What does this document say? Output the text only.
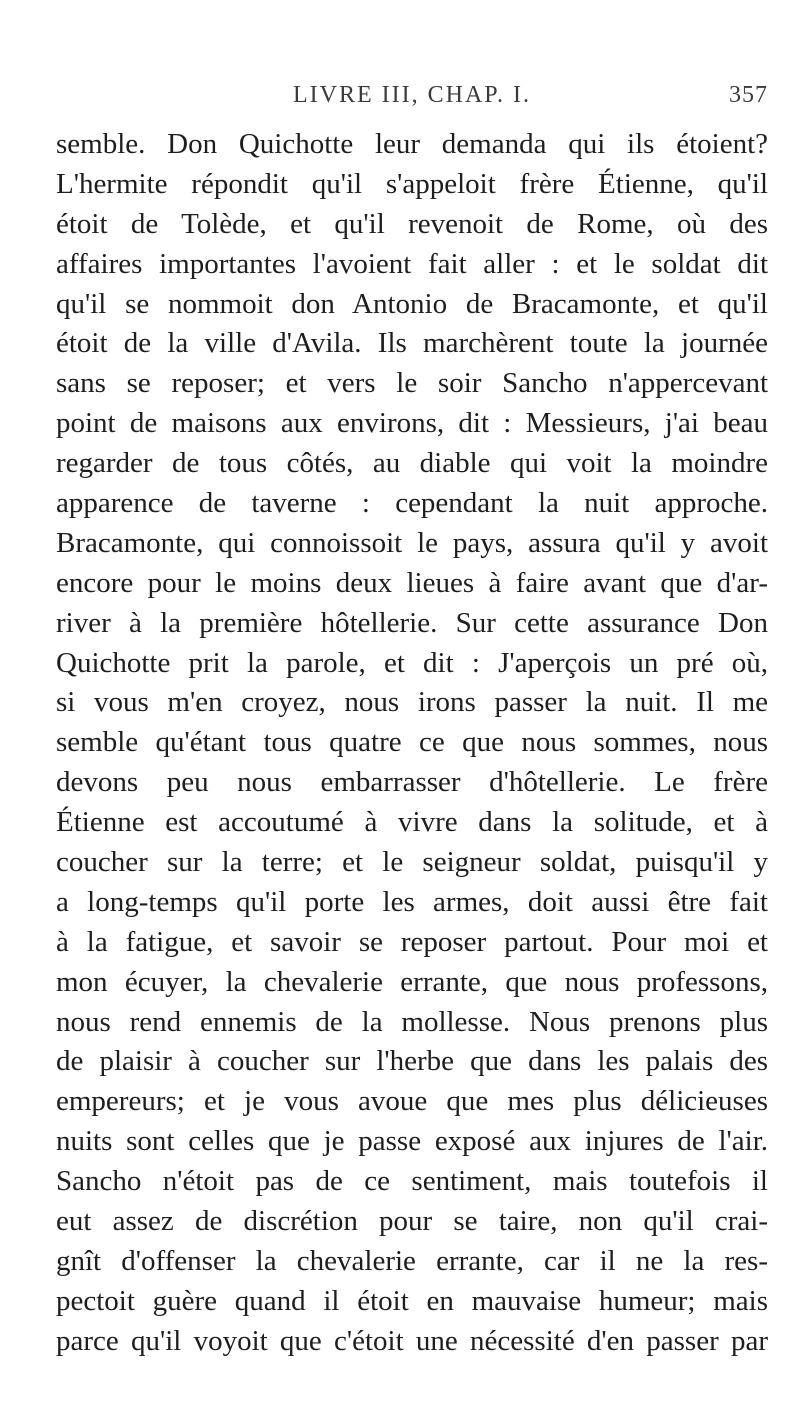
LIVRE III, CHAP. I.	357
semble. Don Quichotte leur demanda qui ils étoient?
L'hermite répondit qu'il s'appeloit frère Étienne, qu'il
étoit de Tolède, et qu'il revenoit de Rome, où des
affaires importantes l'avoient fait aller : et le soldat dit
qu'il se nommoit don Antonio de Bracamonte, et qu'il
étoit de la ville d'Avila. Ils marchèrent toute la journée
sans se reposer; et vers le soir Sancho n'appercevant
point de maisons aux environs, dit : Messieurs, j'ai beau
regarder de tous côtés, au diable qui voit la moindre
apparence de taverne : cependant la nuit approche.
Bracamonte, qui connoissoit le pays, assura qu'il y avoit
encore pour le moins deux lieues à faire avant que d'ar-
river à la première hôtellerie. Sur cette assurance Don
Quichotte prit la parole, et dit : J'aperçois un pré où,
si vous m'en croyez, nous irons passer la nuit. Il me
semble qu'étant tous quatre ce que nous sommes, nous
devons peu nous embarrasser d'hôtellerie. Le frère
Étienne est accoutumé à vivre dans la solitude, et à
coucher sur la terre; et le seigneur soldat, puisqu'il y
a long-temps qu'il porte les armes, doit aussi être fait
à la fatigue, et savoir se reposer partout. Pour moi et
mon écuyer, la chevalerie errante, que nous professons,
nous rend ennemis de la mollesse. Nous prenons plus
de plaisir à coucher sur l'herbe que dans les palais des
empereurs; et je vous avoue que mes plus délicieuses
nuits sont celles que je passe exposé aux injures de l'air.
Sancho n'étoit pas de ce sentiment, mais toutefois il
eut assez de discrétion pour se taire, non qu'il crai-
gnît d'offenser la chevalerie errante, car il ne la res-
pectoit guère quand il étoit en mauvaise humeur; mais
parce qu'il voyoit que c'étoit une nécessité d'en passer par
